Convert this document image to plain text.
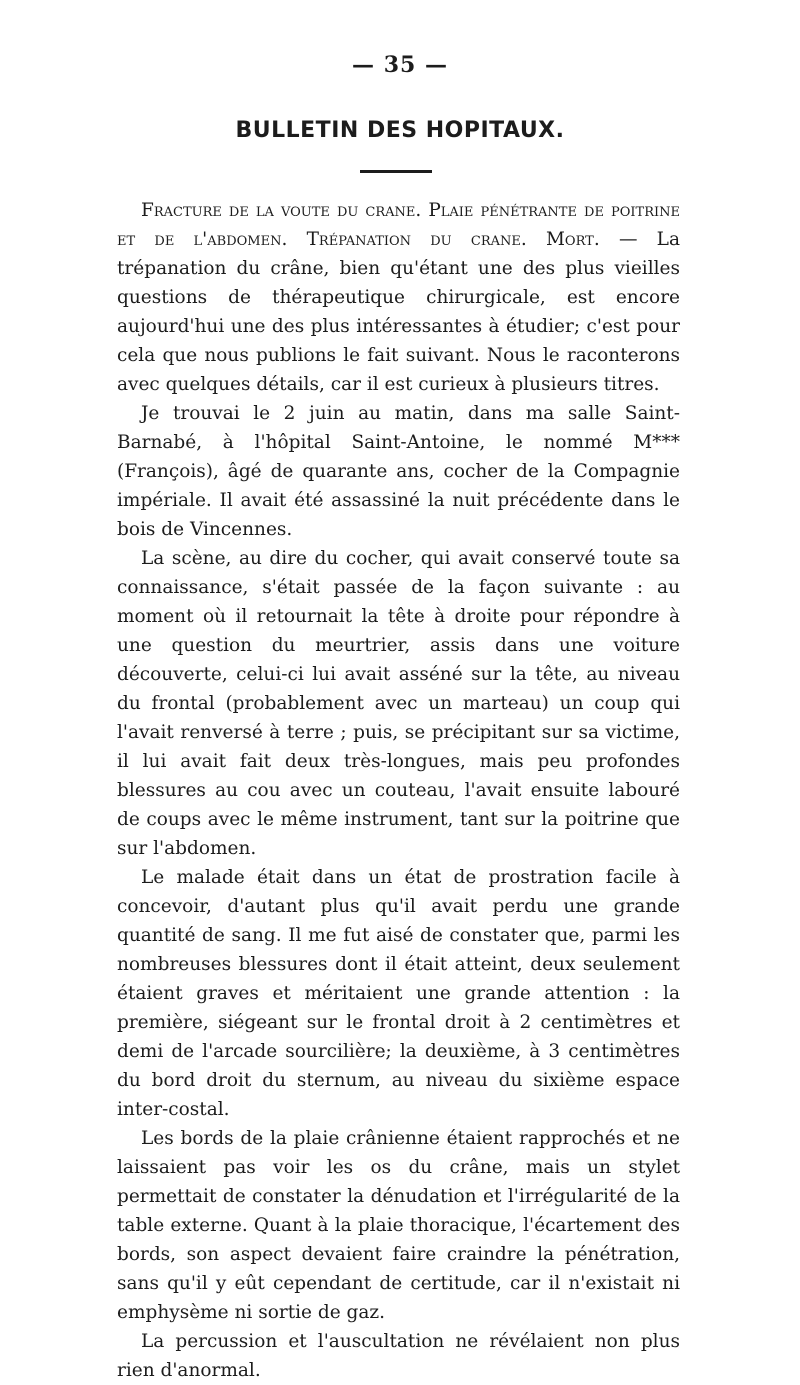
— 35 —
BULLETIN DES HOPITAUX.

Fracture de la voute du crane. Plaie pénétrante de poitrine et de l'abdomen. Trépanation du crane. Mort. — La trépanation du crâne, bien qu'étant une des plus vieilles questions de thérapeutique chirurgicale, est encore aujourd'hui une des plus intéressantes à étudier; c'est pour cela que nous publions le fait suivant. Nous le raconterons avec quelques détails, car il est curieux à plusieurs titres.

Je trouvai le 2 juin au matin, dans ma salle Saint-Barnabé, à l'hôpital Saint-Antoine, le nommé M*** (François), âgé de quarante ans, cocher de la Compagnie impériale. Il avait été assassiné la nuit précédente dans le bois de Vincennes.

La scène, au dire du cocher, qui avait conservé toute sa connaissance, s'était passée de la façon suivante : au moment où il retournait la tête à droite pour répondre à une question du meurtrier, assis dans une voiture découverte, celui-ci lui avait asséné sur la tête, au niveau du frontal (probablement avec un marteau) un coup qui l'avait renversé à terre ; puis, se précipitant sur sa victime, il lui avait fait deux très-longues, mais peu profondes blessures au cou avec un couteau, l'avait ensuite labouré de coups avec le même instrument, tant sur la poitrine que sur l'abdomen.

Le malade était dans un état de prostration facile à concevoir, d'autant plus qu'il avait perdu une grande quantité de sang. Il me fut aisé de constater que, parmi les nombreuses blessures dont il était atteint, deux seulement étaient graves et méritaient une grande attention : la première, siégeant sur le frontal droit à 2 centimètres et demi de l'arcade sourcilière; la deuxième, à 3 centimètres du bord droit du sternum, au niveau du sixième espace inter-costal.

Les bords de la plaie crânienne étaient rapprochés et ne laissaient pas voir les os du crâne, mais un stylet permettait de constater la dénudation et l'irrégularité de la table externe. Quant à la plaie thoracique, l'écartement des bords, son aspect devaient faire craindre la pénétration, sans qu'il y eût cependant de certitude, car il n'existait ni emphysème ni sortie de gaz.

La percussion et l'auscultation ne révélaient non plus rien d'anormal.
